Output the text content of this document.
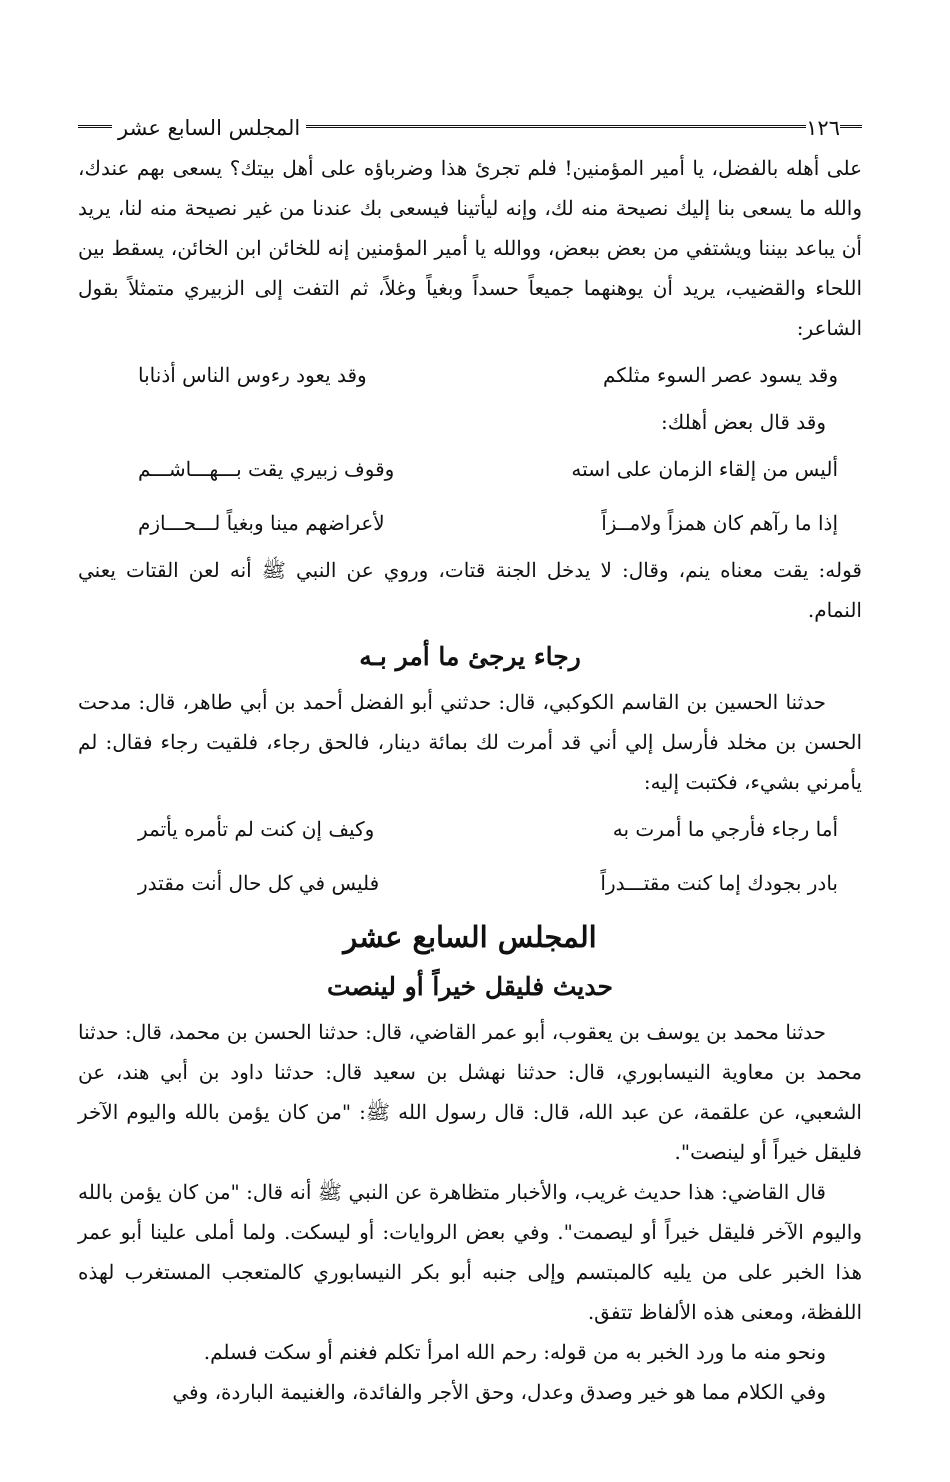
١٢٦
المجلس السابع عشر

على أهله بالفضل، يا أمير المؤمنين! فلم تجرئ هذا وضرباؤه على أهل بيتك؟ يسعى بهم عندك، والله ما يسعى بنا إليك نصيحة منه لك، وإنه ليأتينا فيسعى بك عندنا من غير نصيحة منه لنا، يريد أن يباعد بيننا ويشتفي من بعض ببعض، ووالله يا أمير المؤمنين إنه للخائن ابن الخائن، يسقط بين اللحاء والقضيب، يريد أن يوهنهما جميعاً حسداً وبغياً وغلاً، ثم التفت إلى الزبيري متمثلاً بقول الشاعر:

وقد يسود عصر السوء مثلكم
وقد يعود رءوس الناس أذنابا

وقد قال بعض أهلك:

أليس من إلقاء الزمان على استه
وقوف زبيري يقت بـــهـــاشـــم
إذا ما رآهم كان همزاً ولامــزاً
لأعراضهم مينا وبغياً لـــحـــازم

قوله: يقت معناه ينم، وقال: لا يدخل الجنة قتات، وروي عن النبي ﷺ أنه لعن القتات يعني النمام.

رجاء يرجئ ما أمر بـه

حدثنا الحسين بن القاسم الكوكبي، قال: حدثني أبو الفضل أحمد بن أبي طاهر، قال: مدحت الحسن بن مخلد فأرسل إلي أني قد أمرت لك بمائة دينار، فالحق رجاء، فلقيت رجاء فقال: لم يأمرني بشيء، فكتبت إليه:

أما رجاء فأرجي ما أمرت به
وكيف إن كنت لم تأمره يأتمر
بادر بجودك إما كنت مقتـــدراً
فليس في كل حال أنت مقتدر
المجلس السابع عشر
حديث فليقل خيراً أو لينصت

حدثنا محمد بن يوسف بن يعقوب، أبو عمر القاضي، قال: حدثنا الحسن بن محمد، قال: حدثنا محمد بن معاوية النيسابوري، قال: حدثنا نهشل بن سعيد قال: حدثنا داود بن أبي هند، عن الشعبي، عن علقمة، عن عبد الله، قال: قال رسول الله ﷺ: "من كان يؤمن بالله واليوم الآخر فليقل خيراً أو لينصت".

قال القاضي: هذا حديث غريب، والأخبار متظاهرة عن النبي ﷺ أنه قال: "من كان يؤمن بالله واليوم الآخر فليقل خيراً أو ليصمت". وفي بعض الروايات: أو ليسكت. ولما أملى علينا أبو عمر هذا الخبر على من يليه كالمبتسم وإلى جنبه أبو بكر النيسابوري كالمتعجب المستغرب لهذه اللفظة، ومعنى هذه الألفاظ تتفق.

ونحو منه ما ورد الخبر به من قوله: رحم الله امرأ تكلم فغنم أو سكت فسلم.

وفي الكلام مما هو خير وصدق وعدل، وحق الأجر والفائدة، والغنيمة الباردة، وفي
